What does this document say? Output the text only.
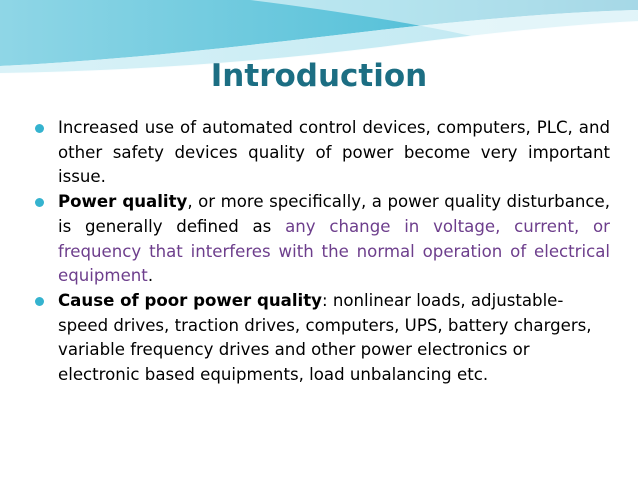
Introduction
Increased use of automated control devices, computers, PLC, and other safety devices quality of power become very important issue.
Power quality, or more specifically, a power quality disturbance, is generally defined as any change in voltage, current, or frequency that interferes with the normal operation of electrical equipment.
Cause of poor power quality: nonlinear loads, adjustable-speed drives, traction drives, computers, UPS, battery chargers, variable frequency drives and other power electronics or electronic based equipments, load unbalancing etc.
